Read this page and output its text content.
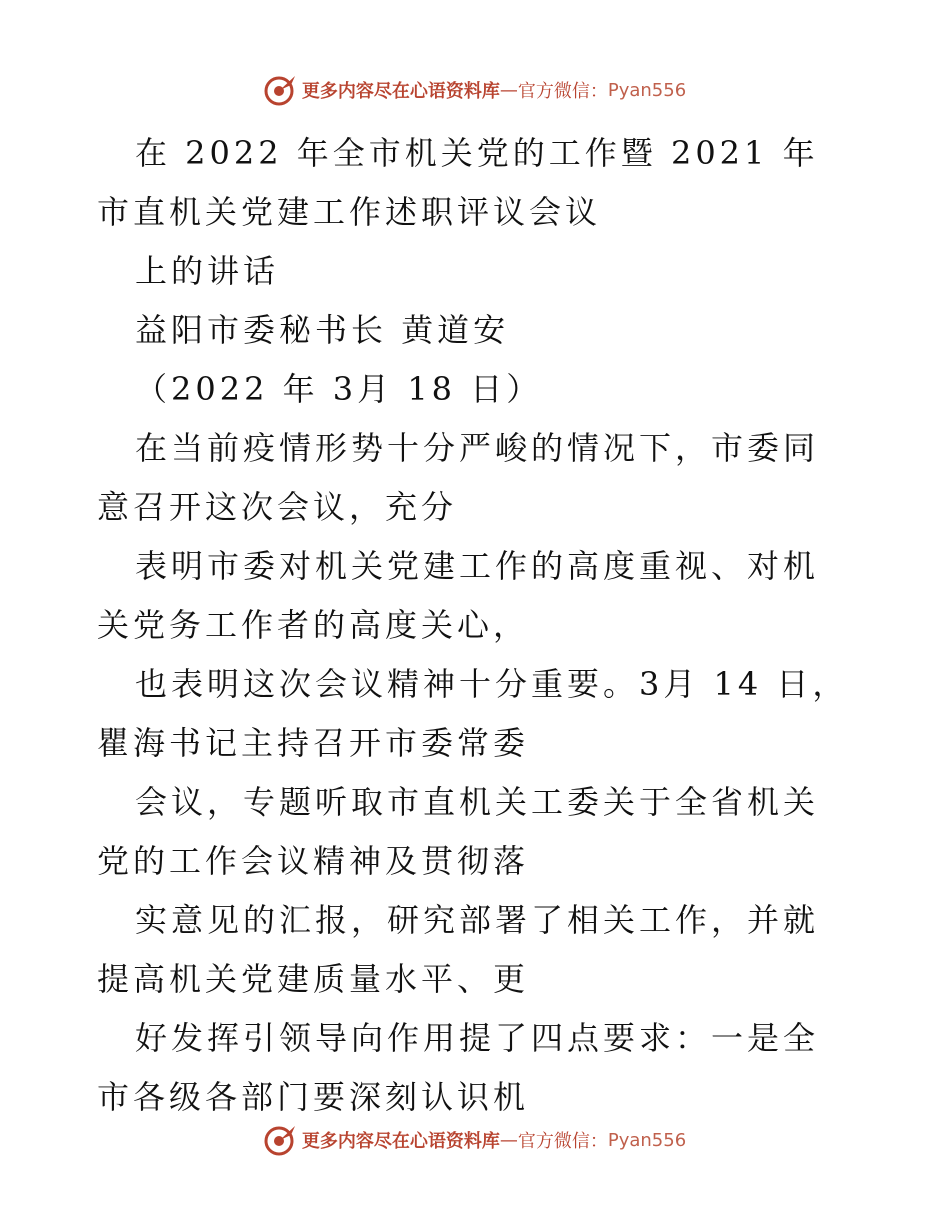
更多内容尽在心语资料库 — 官方微信： Pyan556

在 2022 年全市机关党的工作暨 2021 年市直机关党建工作述职评议会议

上的讲话

益阳市委秘书长 黄道安

（2022 年 3月 18 日）

在当前疫情形势十分严峻的情况下，市委同意召开这次会议，充分

表明市委对机关党建工作的高度重视、对机关党务工作者的高度关心，

也表明这次会议精神十分重要。3月 14 日，瞿海书记主持召开市委常委

会议，专题听取市直机关工委关于全省机关党的工作会议精神及贯彻落

实意见的汇报，研究部署了相关工作，并就提高机关党建质量水平、更

好发挥引领导向作用提了四点要求：一是全市各级各部门要深刻认识机

更多内容尽在心语资料库 — 官方微信： Pyan556
